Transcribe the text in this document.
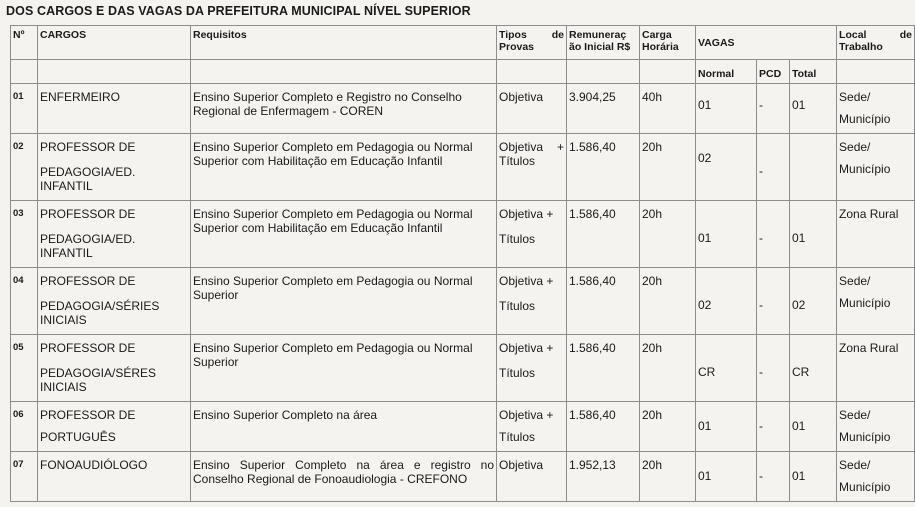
DOS CARGOS E DAS VAGAS DA PREFEITURA MUNICIPAL NÍVEL SUPERIOR
Nº	CARGOS	Requisitos	Tipos de
Provas	Remuneraç
ão Inicial R$	Carga
Horária	VAGAS			Local de
Trabalho
						Normal	PCD	Total	
01	ENFERMEIRO	Ensino Superior Completo e Registro no Conselho
Regional de Enfermagem - COREN	Objetiva	3.904,25	40h	01	-	01	Sede/
Município
02	PROFESSOR DE
PEDAGOGIA/ED.
INFANTIL	Ensino Superior Completo em Pedagogia ou Normal
Superior com Habilitação em Educação Infantil	Objetiva +
Títulos	1.586,40	20h	02	-		Sede/
Município
03	PROFESSOR DE
PEDAGOGIA/ED.
INFANTIL	Ensino Superior Completo em Pedagogia ou Normal
Superior com Habilitação em Educação Infantil	Objetiva +
Títulos	1.586,40	20h	01	-	01	Zona Rural
04	PROFESSOR DE
PEDAGOGIA/SÉRIES
INICIAIS	Ensino Superior Completo em Pedagogia ou Normal
Superior	Objetiva +
Títulos	1.586,40	20h	02	-	02	Sede/
Município
05	PROFESSOR DE
PEDAGOGIA/SÉRES
INICIAIS	Ensino Superior Completo em Pedagogia ou Normal
Superior	Objetiva +
Títulos	1.586,40	20h	CR	-	CR	Zona Rural
06	PROFESSOR DE
PORTUGUÊS	Ensino Superior Completo na área	Objetiva +
Títulos	1.586,40	20h	01	-	01	Sede/
Município
07	FONOAUDIÓLOGO	Ensino Superior Completo na área e registro no
Conselho Regional de Fonoaudiologia - CREFONO	Objetiva	1.952,13	20h	01	-	01	Sede/
Município
